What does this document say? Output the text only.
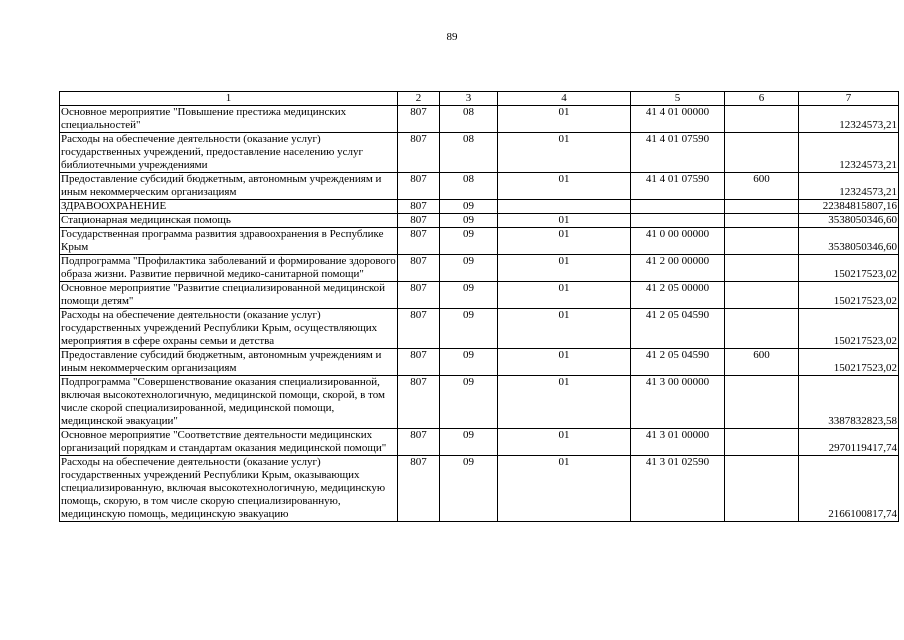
89
1	2	3	4	5	6	7
Основное мероприятие "Повышение престижа медицинских специальностей"	807	08	01	41 4 01 00000		12324573,21
Расходы на обеспечение деятельности (оказание услуг) государственных учреждений, предоставление населению услуг библиотечными учреждениями	807	08	01	41 4 01 07590		12324573,21
Предоставление субсидий бюджетным, автономным учреждениям и иным некоммерческим организациям	807	08	01	41 4 01 07590	600	12324573,21
ЗДРАВООХРАНЕНИЕ	807	09				22384815807,16
Стационарная медицинская помощь	807	09	01			3538050346,60
Государственная программа развития здравоохранения в Республике Крым	807	09	01	41 0 00 00000		3538050346,60
Подпрограмма "Профилактика заболеваний и формирование здорового образа жизни. Развитие первичной медико-санитарной помощи"	807	09	01	41 2 00 00000		150217523,02
Основное мероприятие "Развитие специализированной медицинской помощи детям"	807	09	01	41 2 05 00000		150217523,02
Расходы на обеспечение деятельности (оказание услуг) государственных учреждений Республики Крым, осуществляющих мероприятия в сфере охраны семьи и детства	807	09	01	41 2 05 04590		150217523,02
Предоставление субсидий бюджетным, автономным учреждениям и иным некоммерческим организациям	807	09	01	41 2 05 04590	600	150217523,02
Подпрограмма "Совершенствование оказания специализированной, включая высокотехнологичную, медицинской помощи, скорой, в том числе скорой специализированной, медицинской помощи, медицинской эвакуации"	807	09	01	41 3 00 00000		3387832823,58
Основное мероприятие "Соответствие деятельности медицинских организаций порядкам и стандартам оказания медицинской помощи"	807	09	01	41 3 01 00000		2970119417,74
Расходы на обеспечение деятельности (оказание услуг) государственных учреждений Республики Крым, оказывающих специализированную, включая высокотехнологичную, медицинскую помощь, скорую, в том числе скорую специализированную, медицинскую помощь, медицинскую эвакуацию	807	09	01	41 3 01 02590		2166100817,74
